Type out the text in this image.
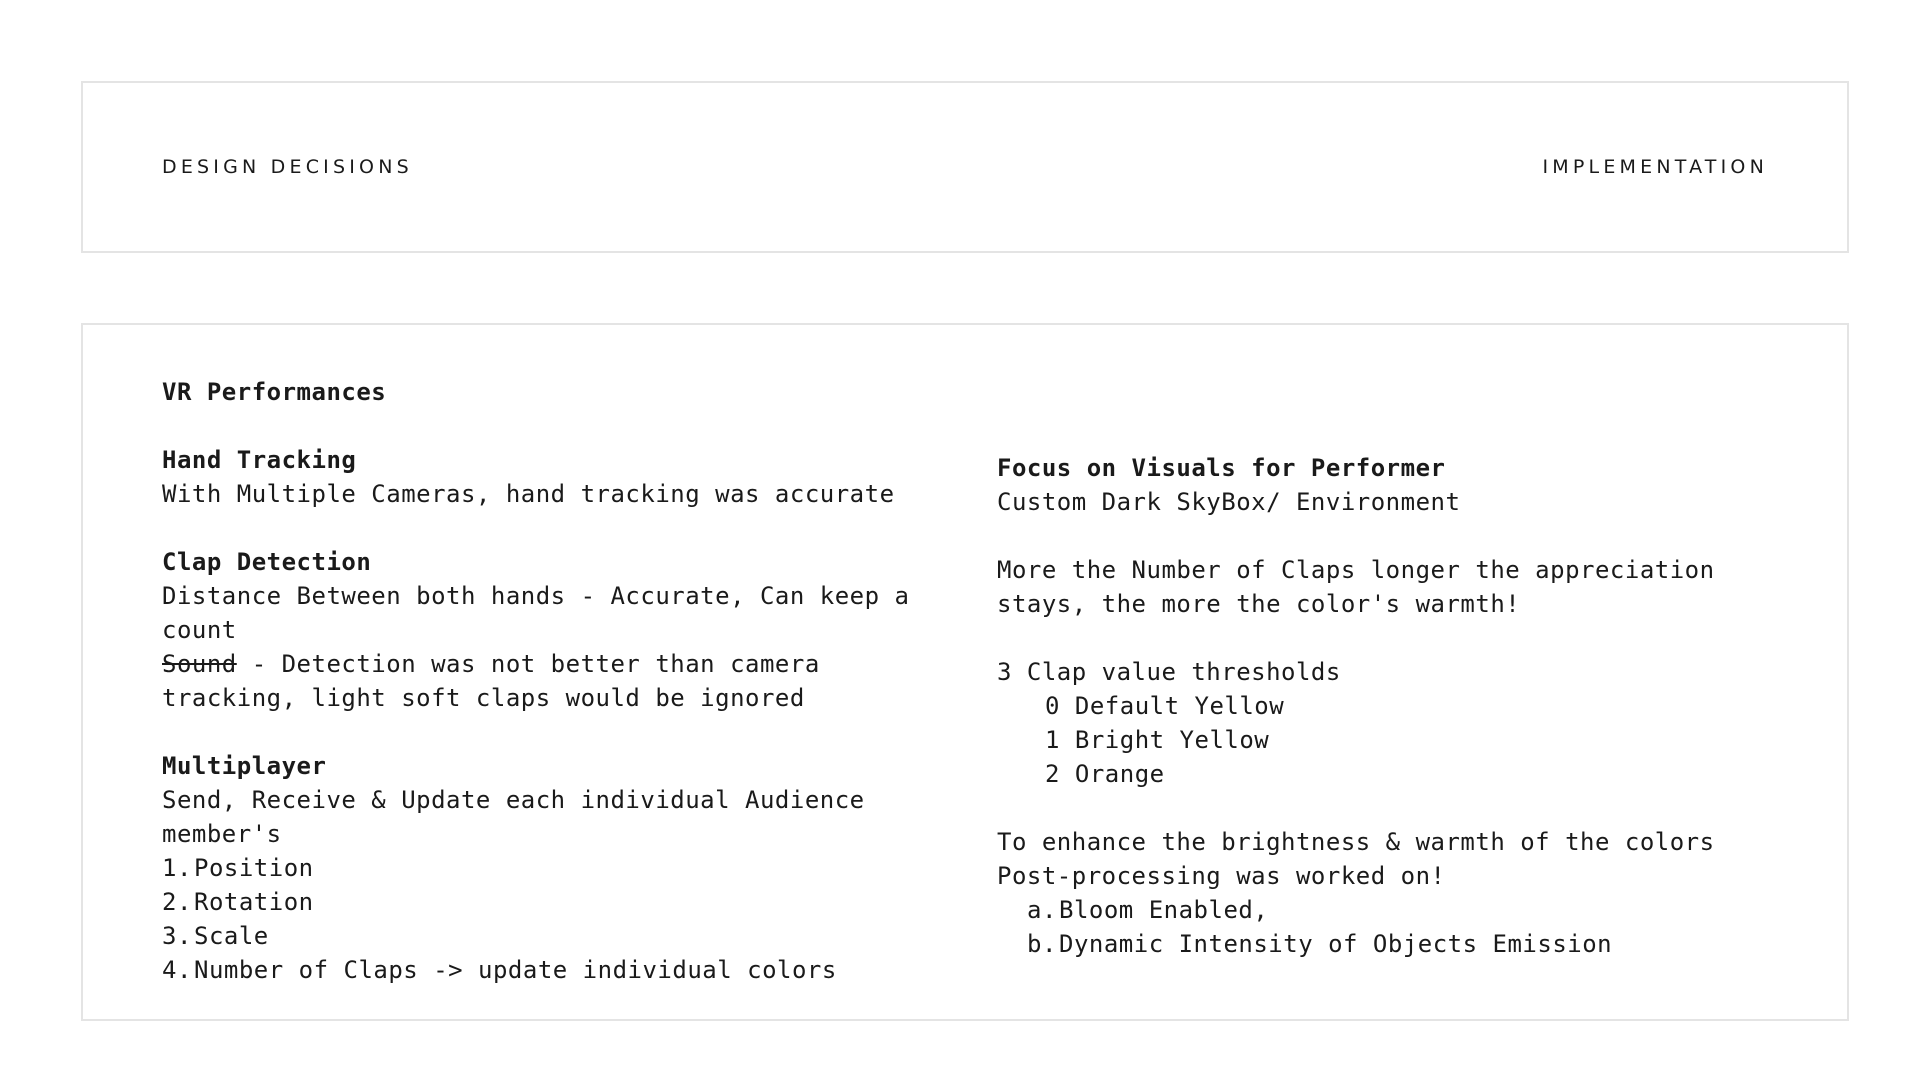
DESIGN DECISIONS	IMPLEMENTATION
VR Performances
Hand Tracking
With Multiple Cameras, hand tracking was accurate
Clap Detection
Distance Between both hands - Accurate, Can keep a count
Sound - Detection was not better than camera tracking, light soft claps would be ignored
Multiplayer
Send, Receive & Update each individual Audience member's
1. Position
2. Rotation
3. Scale
4. Number of Claps -> update individual colors
Focus on Visuals for Performer
Custom Dark SkyBox/ Environment
More the Number of Claps longer the appreciation stays, the more the color's warmth!
3 Clap value thresholds
0 Default Yellow
1 Bright Yellow
2 Orange
To enhance the brightness & warmth of the colors
Post-processing was worked on!
a. Bloom Enabled,
b. Dynamic Intensity of Objects Emission
